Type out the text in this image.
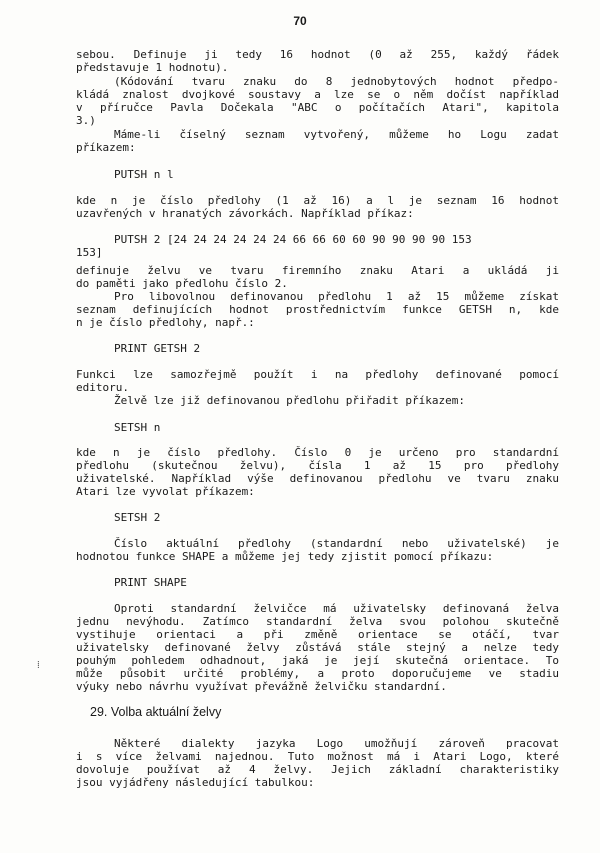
70
sebou. Definuje ji tedy 16 hodnot (0 až 255, každý řádek
představuje 1 hodnotu).
(Kódování tvaru znaku do 8 jednobytových hodnot předpo-
kládá znalost dvojkové soustavy a lze se o něm dočíst například
v příručce Pavla Dočekala "ABC o počítačích Atari", kapitola
3.)
Máme-li číselný seznam vytvořený, můžeme ho Logu zadat
příkazem:
PUTSH n l
kde n je číslo předlohy (1 až 16) a l je seznam 16 hodnot
uzavřených v hranatých závorkách. Například příkaz:
PUTSH 2 [24 24 24 24 24 24 66 66 60 60 90 90 90 90 153
153]
definuje želvu ve tvaru firemního znaku Atari a ukládá ji
do paměti jako předlohu číslo 2.
Pro libovolnou definovanou předlohu 1 až 15 můžeme získat
seznam definujících hodnot prostřednictvím funkce GETSH n, kde
n je číslo předlohy, např.:
PRINT GETSH 2
Funkci lze samozřejmě použít i na předlohy definované pomocí
editoru.
Želvě lze již definovanou předlohu přiřadit příkazem:
SETSH n
kde n je číslo předlohy. Číslo 0 je určeno pro standardní
předlohu (skutečnou želvu), čísla 1 až 15 pro předlohy
uživatelské. Například výše definovanou předlohu ve tvaru znaku
Atari lze vyvolat příkazem:
SETSH 2
Číslo aktuální předlohy (standardní nebo uživatelské) je
hodnotou funkce SHAPE a můžeme jej tedy zjistit pomocí příkazu:
PRINT SHAPE
Oproti standardní želvičce má uživatelsky definovaná želva
jednu nevýhodu. Zatímco standardní želva svou polohou skutečně
vystihuje orientaci a při změně orientace se otáčí, tvar
uživatelsky definované želvy zůstává stále stejný a nelze tedy
pouhým pohledem odhadnout, jaká je její skutečná orientace. To
může působit určité problémy, a proto doporučujeme ve stadiu
výuky nebo návrhu využívat převážně želvičku standardní.
⁞
29. Volba aktuální želvy
Některé dialekty jazyka Logo umožňují zároveň pracovat
i s více želvami najednou. Tuto možnost má i Atari Logo, které
dovoluje používat až 4 želvy. Jejich základní charakteristiky
jsou vyjádřeny následující tabulkou:
